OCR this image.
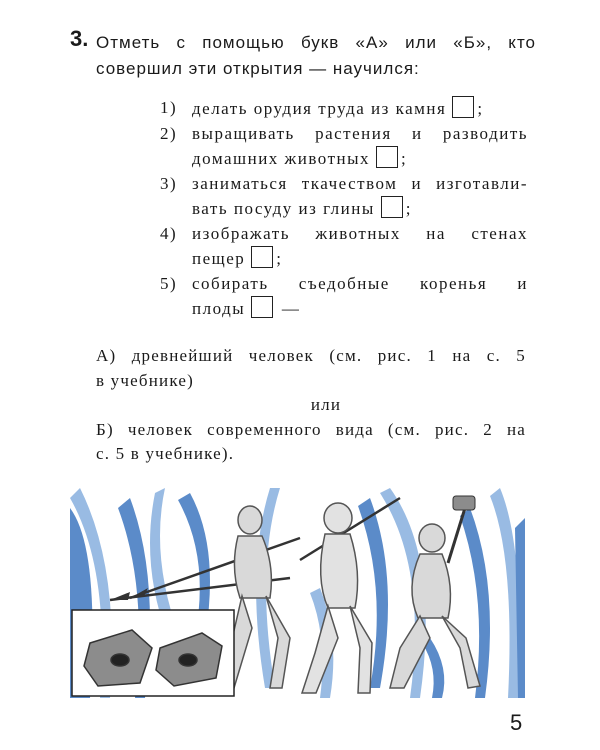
3. Отметь с помощью букв «А» или «Б», кто
совершил эти открытия — научился:
1) делать орудия труда из камня ;
2) выращивать растения и разводить
домашних животных ;
3) заниматься ткачеством и изготавли-
вать посуду из глины ;
4) изображать животных на стенах
пещер ;
5) собирать съедобные коренья и
плоды —
А) древнейший человек (см. рис. 1 на с. 5
в учебнике)
или
Б) человек современного вида (см. рис. 2 на
с. 5 в учебнике).
5
